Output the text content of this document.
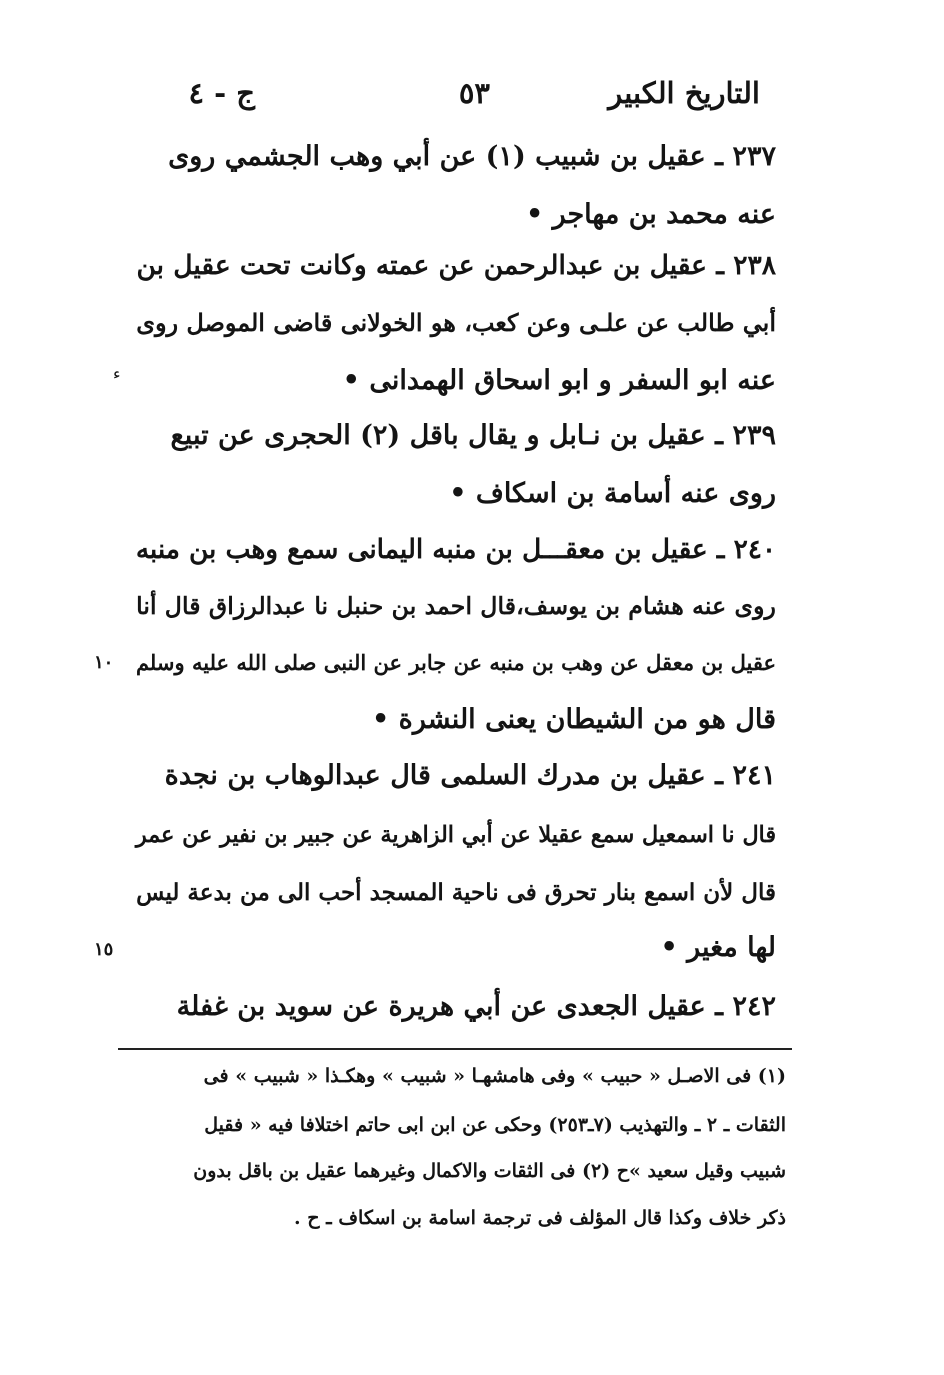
التاريخ الكبير
٥٣
ج - ٤
٢٣٧ ـ عقيل بن شبيب (١) عن أبي وهب الجشمي روى
عنه محمد بن مهاجر •
٢٣٨ ـ عقيل بن عبدالرحمن عن عمته وكانت تحت عقيل بن
أبي طالب عن علـى وعن كعب، هو الخولانى قاضى الموصل روى
عنه ابو السفر و ابو اسحاق الهمدانى •
٢٣٩ ـ عقيل بن نـابل و يقال باقل (٢) الحجرى عن تبيع
روى عنه أسامة بن اسكاف •
٢٤٠ ـ عقيل بن معقـــل بن منبه اليمانى سمع وهب بن منبه
روى عنه هشام بن يوسف،قال احمد بن حنبل نا عبدالرزاق قال أنا
عقيل بن معقل عن وهب بن منبه عن جابر عن النبى صلى الله عليه وسلم
قال هو من الشيطان يعنى النشرة •
٢٤١ ـ عقيل بن مدرك السلمى قال عبدالوهاب بن نجدة
قال نا اسمعيل سمع عقيلا عن أبي الزاهرية عن جبير بن نفير عن عمر
قال لأن اسمع بنار تحرق فى ناحية المسجد أحب الى من بدعة ليس
لها مغير •
٢٤٢ ـ عقيل الجعدى عن أبي هريرة عن سويد بن غفلة
ء
١٠
١٥
(١) فى الاصـل « حبيب » وفى هامشهـا « شبيب » وهكـذا « شبيب » فى
الثقات ـ ٢ ـ والتهذيب (٧ـ٢٥٣) وحكى عن ابن ابى حاتم اختلافا فيه « فقيل
شبيب وقيل سعيد »ح (٢) فى الثقات والاكمال وغيرهما عقيل بن باقل بدون
ذكر خلاف وكذا قال المؤلف فى ترجمة اسامة بن اسكاف ـ ح .
